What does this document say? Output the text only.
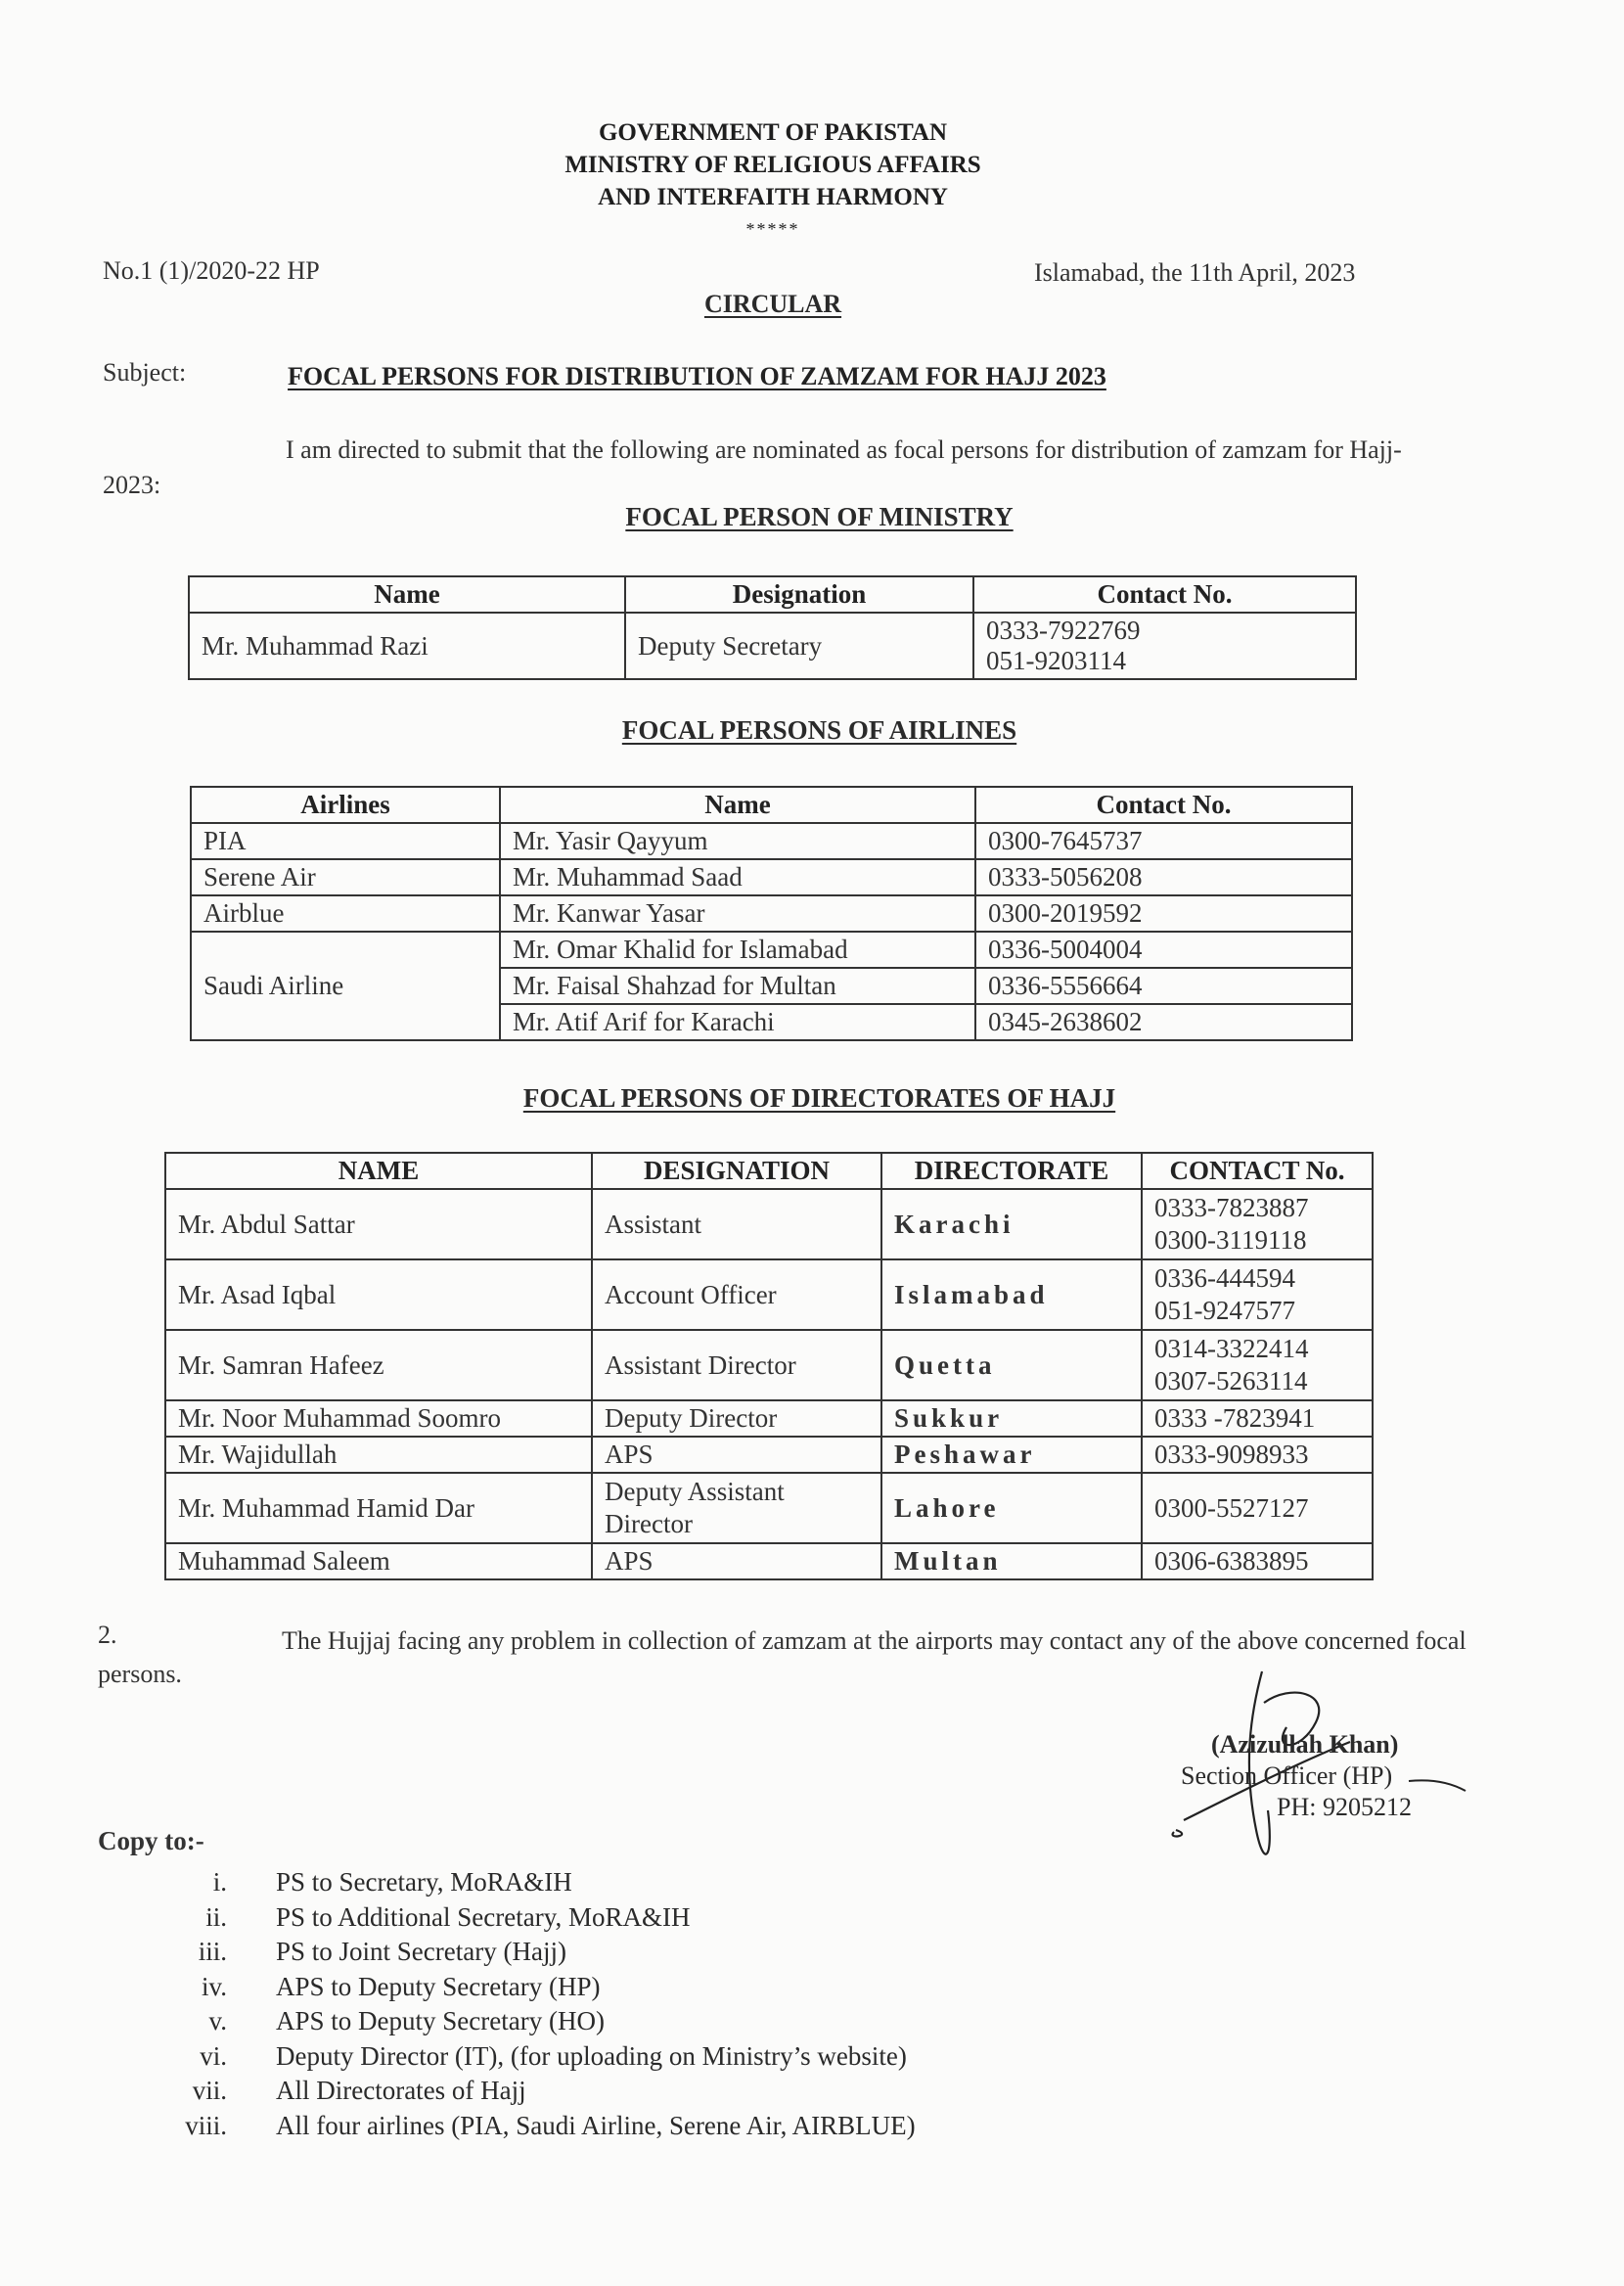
GOVERNMENT OF PAKISTAN
MINISTRY OF RELIGIOUS AFFAIRS
AND INTERFAITH HARMONY
*****
No.1 (1)/2020-22 HP	Islamabad, the 11th April, 2023
CIRCULAR
Subject:	FOCAL PERSONS FOR DISTRIBUTION OF ZAMZAM FOR HAJJ 2023
I am directed to submit that the following are nominated as focal persons for distribution of zamzam for Hajj-2023:
FOCAL PERSON OF MINISTRY
Name	Designation	Contact No.
Mr. Muhammad Razi	Deputy Secretary	0333-7922769
051-9203114
FOCAL PERSONS OF AIRLINES
Airlines	Name	Contact No.
PIA	Mr. Yasir Qayyum	0300-7645737
Serene Air	Mr. Muhammad Saad	0333-5056208
Airblue	Mr. Kanwar Yasar	0300-2019592
Saudi Airline	Mr. Omar Khalid for Islamabad	0336-5004004
	Mr. Faisal Shahzad for Multan	0336-5556664
	Mr. Atif Arif for Karachi	0345-2638602
FOCAL PERSONS OF DIRECTORATES OF HAJJ
NAME	DESIGNATION	DIRECTORATE	CONTACT No.
Mr. Abdul Sattar	Assistant	Karachi	0333-7823887
0300-3119118

Mr. Asad Iqbal	Account Officer	Islamabad	0336-444594
051-9247577

Mr. Samran Hafeez	Assistant Director	Quetta	0314-3322414
0307-5263114

Mr. Noor Muhammad Soomro	Deputy Director	Sukkur	0333 -7823941
Mr. Wajidullah	APS	Peshawar	0333-9098933
Mr. Muhammad Hamid Dar	Deputy Assistant Director	Lahore	0300-5527127
Muhammad Saleem	APS	Multan	0306-6383895
2.	The Hujjaj facing any problem in collection of zamzam at the airports may contact any of the above concerned focal persons.
(Azizullah Khan)
Section Officer (HP)
PH: 9205212
Copy to:-
i. PS to Secretary, MoRA&IH
ii. PS to Additional Secretary, MoRA&IH
iii. PS to Joint Secretary (Hajj)
iv. APS to Deputy Secretary (HP)
v. APS to Deputy Secretary (HO)
vi. Deputy Director (IT), (for uploading on Ministry’s website)
vii. All Directorates of Hajj
viii. All four airlines (PIA, Saudi Airline, Serene Air, AIRBLUE)
